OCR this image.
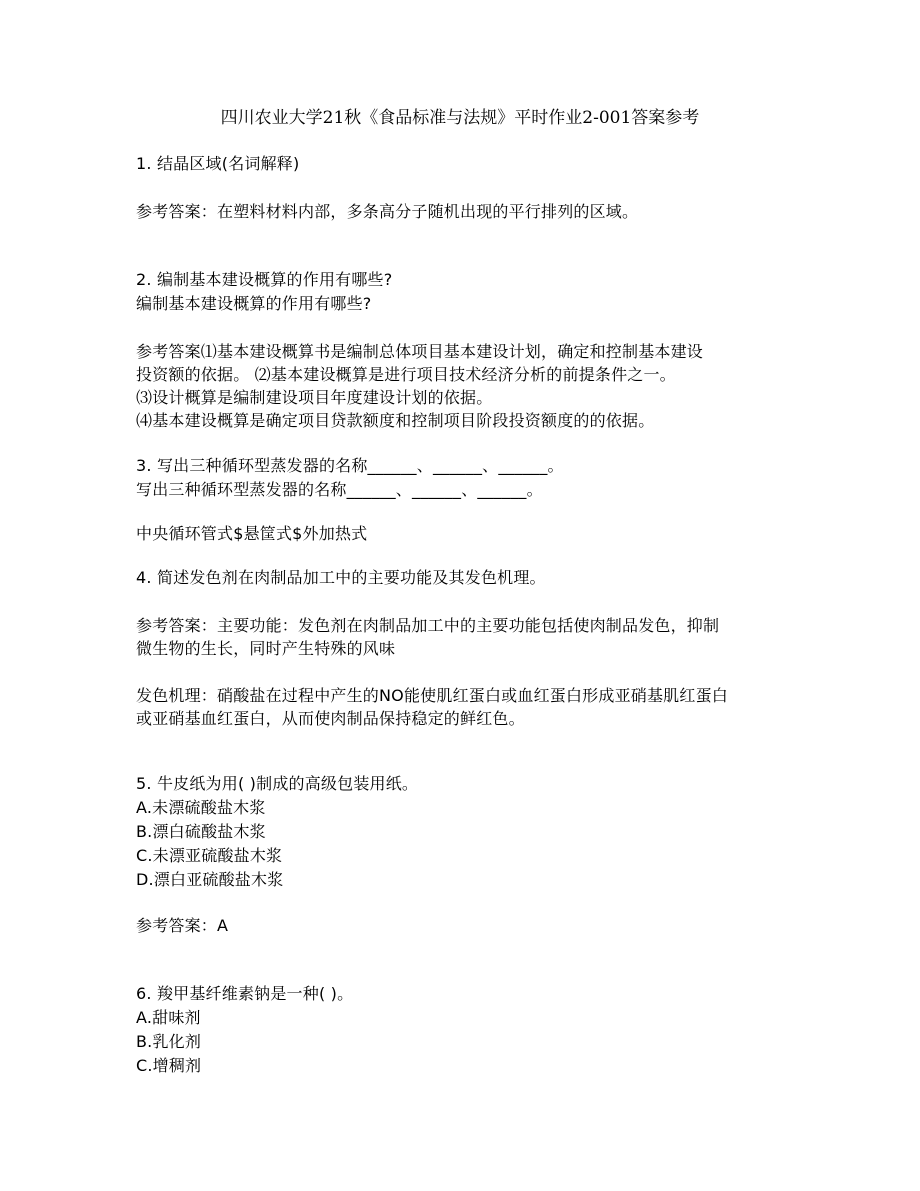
四川农业大学21秋《食品标准与法规》平时作业2-001答案参考
1. 结晶区域(名词解释)
参考答案：在塑料材料内部，多条高分子随机出现的平行排列的区域。
2. 编制基本建设概算的作用有哪些?
编制基本建设概算的作用有哪些?
参考答案⑴基本建设概算书是编制总体项目基本建设计划，确定和控制基本建设
投资额的依据。 ⑵基本建设概算是进行项目技术经济分析的前提条件之一。
⑶设计概算是编制建设项目年度建设计划的依据。
⑷基本建设概算是确定项目贷款额度和控制项目阶段投资额度的的依据。
3. 写出三种循环型蒸发器的名称______、______、______。
写出三种循环型蒸发器的名称______、______、______。
中央循环管式$悬筐式$外加热式
4. 简述发色剂在肉制品加工中的主要功能及其发色机理。
参考答案：主要功能：发色剂在肉制品加工中的主要功能包括使肉制品发色，抑制
微生物的生长，同时产生特殊的风味
发色机理：硝酸盐在过程中产生的NO能使肌红蛋白或血红蛋白形成亚硝基肌红蛋白
或亚硝基血红蛋白，从而使肉制品保持稳定的鲜红色。
5. 牛皮纸为用( )制成的高级包装用纸。
A.未漂硫酸盐木浆
B.漂白硫酸盐木浆
C.未漂亚硫酸盐木浆
D.漂白亚硫酸盐木浆
参考答案：A
6. 羧甲基纤维素钠是一种( )。
A.甜味剂
B.乳化剂
C.增稠剂
